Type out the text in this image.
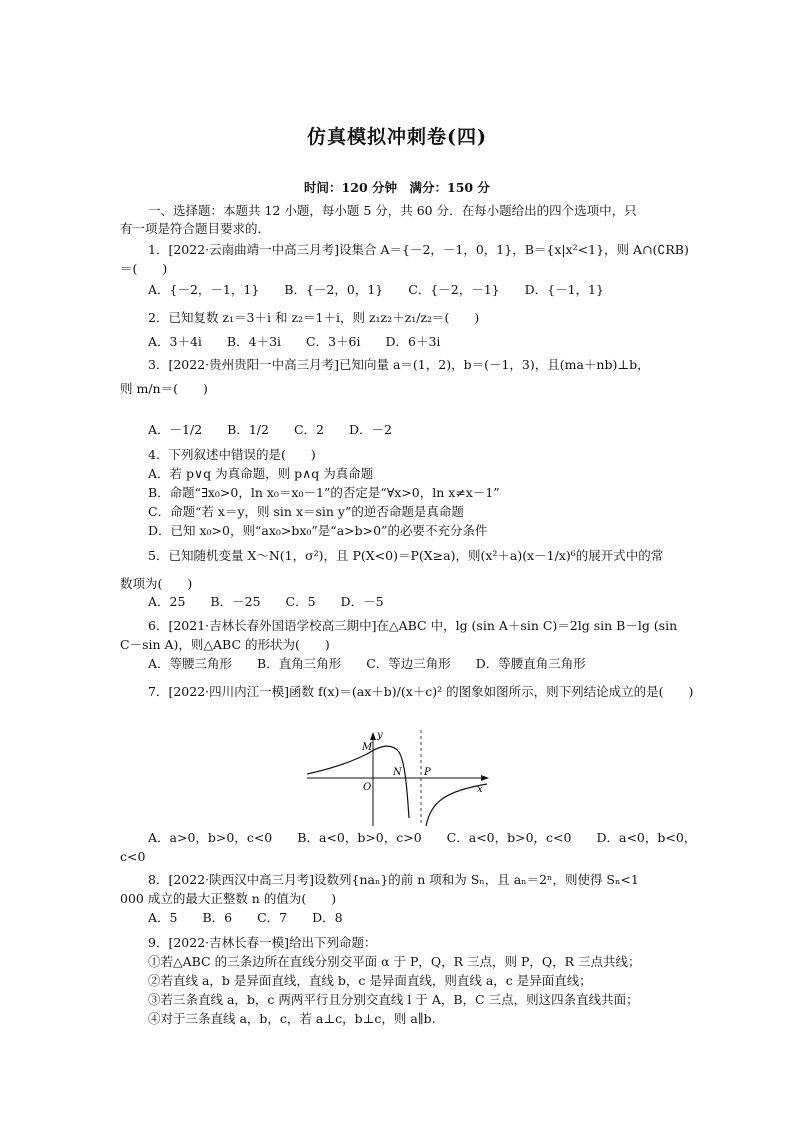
仿真模拟冲刺卷(四)
时间：120 分钟　满分：150 分
一、选择题：本题共 12 小题，每小题 5 分，共 60 分．在每小题给出的四个选项中，只
有一项是符合题目要求的．
1．[2022·云南曲靖一中高三月考]设集合 A＝{－2，－1，0，1}，B＝{x|x²<1}，则 A∩(∁RB)
＝(　　)
A．{－2，－1，1}　　B．{－2，0，1}　　C．{－2，－1}　　D．{－1，1}
2．已知复数 z₁＝3＋i 和 z₂＝1＋i，则 z₁z₂＋z₁/z₂＝(　　)
A．3＋4i　　B．4＋3i　　C．3＋6i　　D．6＋3i
3．[2022·贵州贵阳一中高三月考]已知向量 a＝(1，2)，b＝(－1，3)，且(ma＋nb)⊥b，
则 m/n＝(　　)
A．－1/2　　B．1/2　　C．2　　D．－2
4．下列叙述中错误的是(　　)
A．若 p∨q 为真命题，则 p∧q 为真命题
B．命题“∃x₀>0，ln x₀＝x₀－1”的否定是“∀x>0，ln x≠x－1”
C．命题“若 x＝y，则 sin x＝sin y”的逆否命题是真命题
D．已知 x₀>0，则“ax₀>bx₀”是“a>b>0”的必要不充分条件
5．已知随机变量 X～N(1，σ²)，且 P(X<0)＝P(X≥a)，则(x²＋a)(x－1/x)⁶的展开式中的常
数项为(　　)
A．25　　B．－25　　C．5　　D．－5
6．[2021·吉林长春外国语学校高三期中]在△ABC 中，lg (sin A＋sin C)＝2lg sin B－lg (sin
C－sin A)，则△ABC 的形状为(　　)
A．等腰三角形　　B．直角三角形　　C．等边三角形　　D．等腰直角三角形
7．[2022·四川内江一模]函数 f(x)＝(ax＋b)/(x＋c)² 的图象如图所示，则下列结论成立的是(　　)
y
x
M
N P
O
A．a>0，b>0，c<0　　B．a<0，b>0，c>0　　C．a<0，b>0，c<0　　D．a<0，b<0，
c<0
8．[2022·陕西汉中高三月考]设数列{naₙ}的前 n 项和为 Sₙ，且 aₙ＝2ⁿ，则使得 Sₙ<1
000 成立的最大正整数 n 的值为(　　)
A．5　　B．6　　C．7　　D．8
9．[2022·吉林长春一模]给出下列命题：
①若△ABC 的三条边所在直线分别交平面 α 于 P，Q，R 三点，则 P，Q，R 三点共线；
②若直线 a，b 是异面直线，直线 b，c 是异面直线，则直线 a，c 是异面直线；
③若三条直线 a，b，c 两两平行且分别交直线 l 于 A，B，C 三点，则这四条直线共面；
④对于三条直线 a，b，c，若 a⊥c，b⊥c，则 a∥b.
